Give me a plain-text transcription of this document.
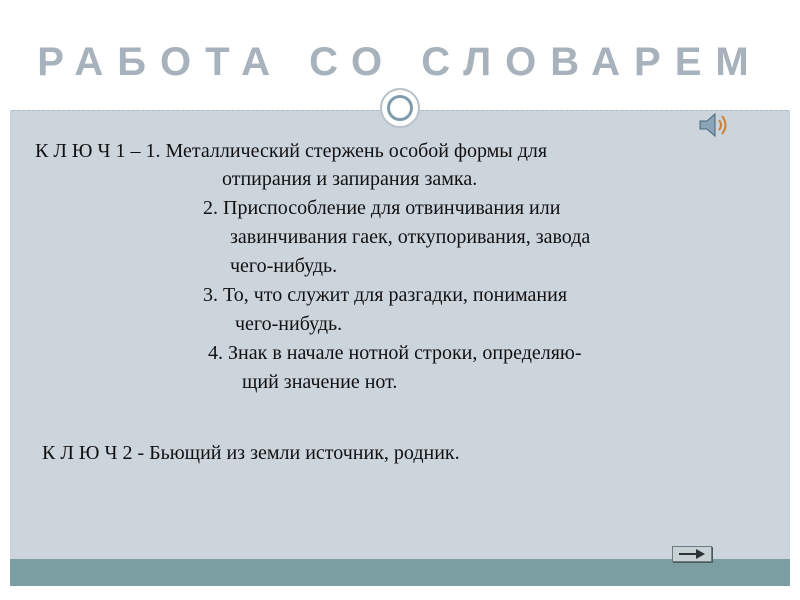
РАБОТА СО СЛОВАРЕМ
К Л Ю Ч 1 – 1. Металлический стержень особой формы для
отпирания и запирания замка.
2. Приспособление для отвинчивания или
завинчивания гаек, откупоривания, завода
чего-нибудь.
3. То, что служит для разгадки, понимания
чего-нибудь.
4. Знак в начале нотной строки, определяю-
щий значение нот.
К Л Ю Ч 2 - Бьющий из земли источник, родник.
